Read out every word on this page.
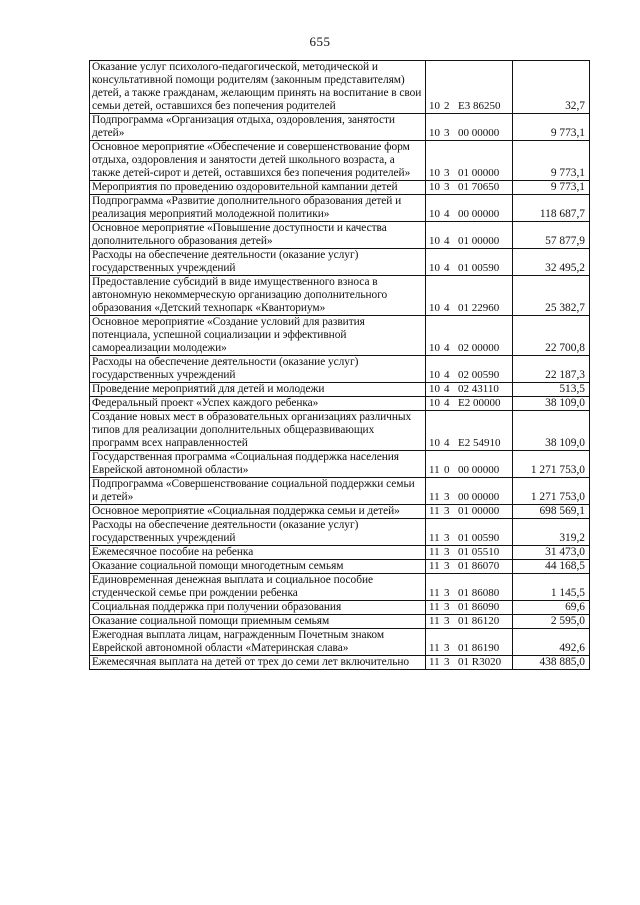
655
Оказание услуг психолого-педагогической, методической и консультативной помощи родителям (законным представителям) детей, а также гражданам, желающим принять на воспитание в свои семьи детей, оставшихся без попечения родителей	10 2 Е3 86250	32,7
Подпрограмма «Организация отдыха, оздоровления, занятости детей»	10 3 00 00000	9 773,1
Основное мероприятие «Обеспечение и совершенствование форм отдыха, оздоровления и занятости детей школьного возраста, а также детей-сирот и детей, оставшихся без попечения родителей»	10 3 01 00000	9 773,1
Мероприятия по проведению оздоровительной кампании детей	10 3 01 70650	9 773,1
Подпрограмма «Развитие дополнительного образования детей и реализация мероприятий молодежной политики»	10 4 00 00000	118 687,7
Основное мероприятие «Повышение доступности и качества дополнительного образования детей»	10 4 01 00000	57 877,9
Расходы на обеспечение деятельности (оказание услуг) государственных учреждений	10 4 01 00590	32 495,2
Предоставление субсидий в виде имущественного взноса в автономную некоммерческую организацию дополнительного образования «Детский технопарк «Кванториум»	10 4 01 22960	25 382,7
Основное мероприятие «Создание условий для развития потенциала, успешной социализации и эффективной самореализации молодежи»	10 4 02 00000	22 700,8
Расходы на обеспечение деятельности (оказание услуг) государственных учреждений	10 4 02 00590	22 187,3
Проведение мероприятий для детей и молодежи	10 4 02 43110	513,5
Федеральный проект «Успех каждого ребенка»	10 4 Е2 00000	38 109,0
Создание новых мест в образовательных организациях различных типов для реализации дополнительных общеразвивающих программ всех направленностей	10 4 Е2 54910	38 109,0
Государственная программа «Социальная поддержка населения Еврейской автономной области»	11 0 00 00000	1 271 753,0
Подпрограмма «Совершенствование социальной поддержки семьи и детей»	11 3 00 00000	1 271 753,0
Основное мероприятие «Социальная поддержка семьи и детей»	11 3 01 00000	698 569,1
Расходы на обеспечение деятельности (оказание услуг) государственных учреждений	11 3 01 00590	319,2
Ежемесячное пособие на ребенка	11 3 01 05510	31 473,0
Оказание социальной помощи многодетным семьям	11 3 01 86070	44 168,5
Единовременная денежная выплата и социальное пособие студенческой семье при рождении ребенка	11 3 01 86080	1 145,5
Социальная поддержка при получении образования	11 3 01 86090	69,6
Оказание социальной помощи приемным семьям	11 3 01 86120	2 595,0
Ежегодная выплата лицам, награжденным Почетным знаком Еврейской автономной области «Материнская слава»	11 3 01 86190	492,6
Ежемесячная выплата на детей от трех до семи лет включительно	11 3 01 R3020	438 885,0
